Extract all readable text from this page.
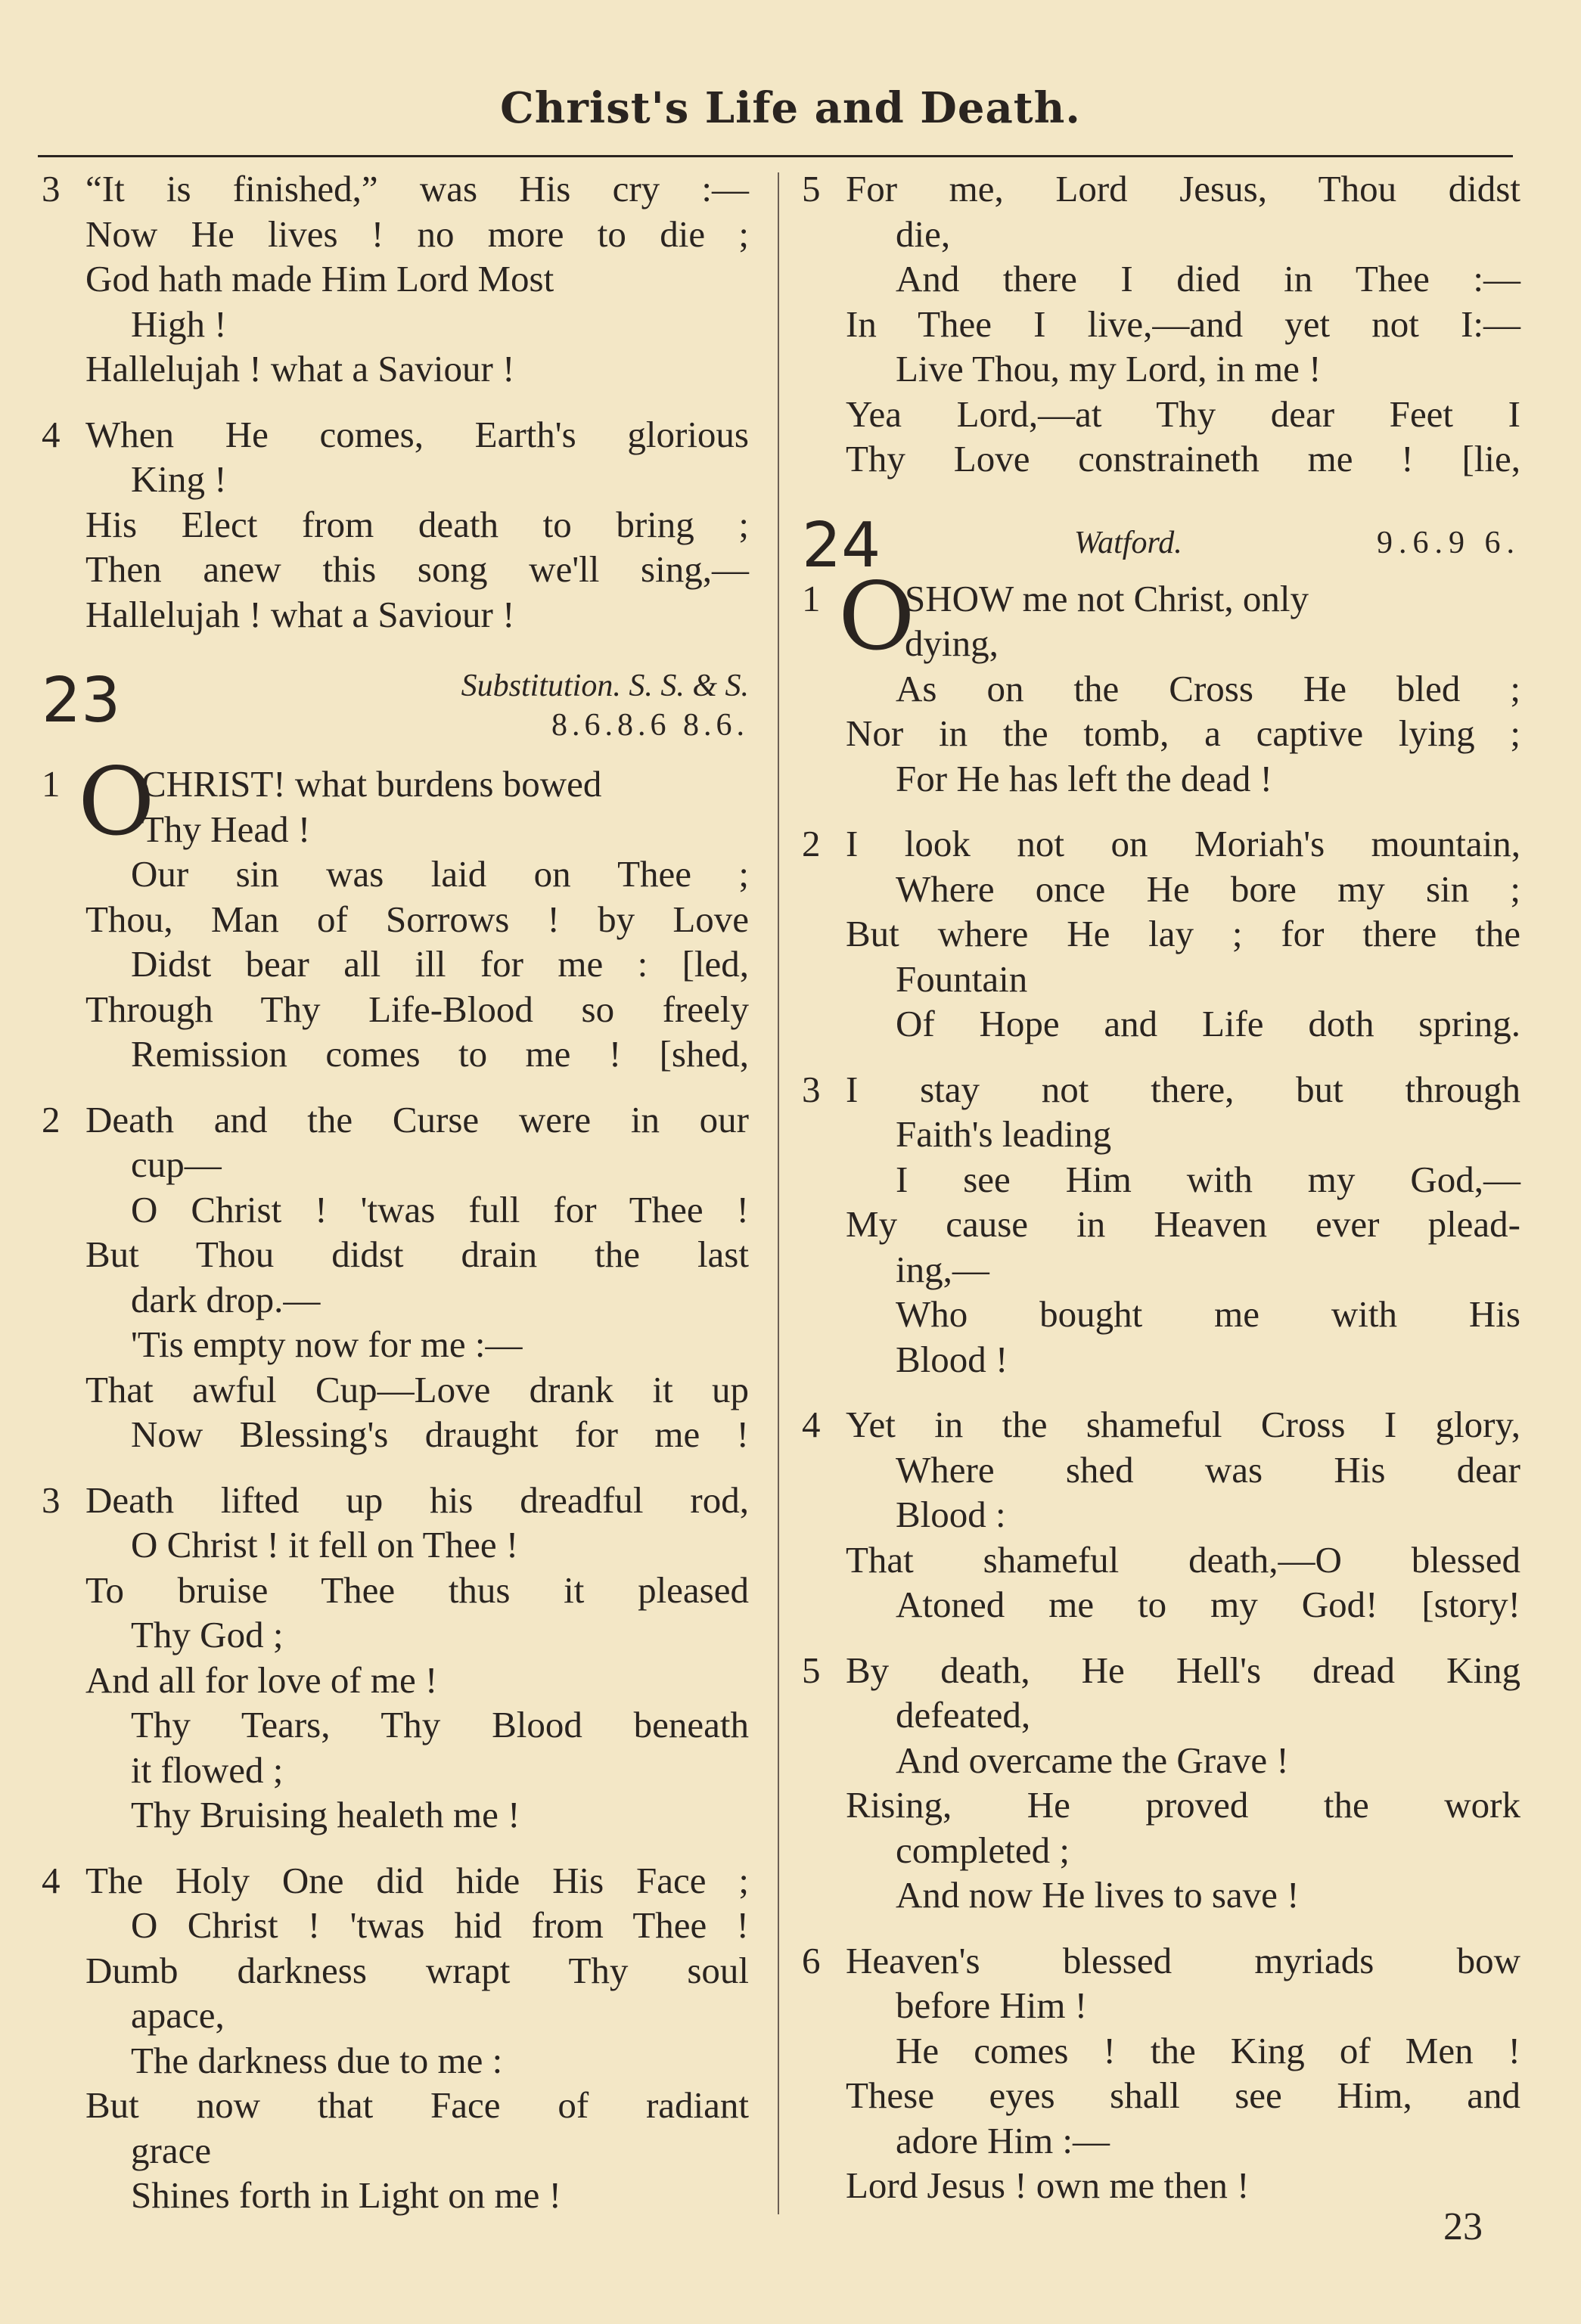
Christ's Life and Death.
3 “It is finished,” was His cry :—
Now He lives ! no more to die ;
God hath made Him Lord Most
High !
Hallelujah ! what a Saviour !
4 When He comes, Earth's glorious
King !
His Elect from death to bring ;
Then anew this song we'll sing,—
Hallelujah ! what a Saviour !
23	Substitution. S. S. & S.
8.6.8.6 8.6.
O
1 CHRIST! what burdens bowed
Thy Head !
Our sin was laid on Thee ;
Thou, Man of Sorrows ! by Love
Didst bear all ill for me : [led,
Through Thy Life-Blood so freely
Remission comes to me ! [shed,
2 Death and the Curse were in our
cup—
O Christ ! 'twas full for Thee !
But Thou didst drain the last
dark drop.—
'Tis empty now for me :—
That awful Cup—Love drank it up
Now Blessing's draught for me !
3 Death lifted up his dreadful rod,
O Christ ! it fell on Thee !
To bruise Thee thus it pleased
Thy God ;
And all for love of me !
Thy Tears, Thy Blood beneath
it flowed ;
Thy Bruising healeth me !
4 The Holy One did hide His Face ;
O Christ ! 'twas hid from Thee !
Dumb darkness wrapt Thy soul
apace,
The darkness due to me :
But now that Face of radiant
grace
Shines forth in Light on me !
5 For me, Lord Jesus, Thou didst
die,
And there I died in Thee :—
In Thee I live,—and yet not I:—
Live Thou, my Lord, in me !
Yea Lord,—at Thy dear Feet I
Thy Love constraineth me ! [lie,
24	Watford.	9.6.9 6.
O
1 SHOW me not Christ, only
dying,
As on the Cross He bled ;
Nor in the tomb, a captive lying ;
For He has left the dead !
2 I look not on Moriah's mountain,
Where once He bore my sin ;
But where He lay ; for there the
Fountain
Of Hope and Life doth spring.
3 I stay not there, but through
Faith's leading
I see Him with my God,—
My cause in Heaven ever plead-
ing,—
Who bought me with His
Blood !
4 Yet in the shameful Cross I glory,
Where shed was His dear
Blood :
That shameful death,—O blessed
Atoned me to my God! [story!
5 By death, He Hell's dread King
defeated,
And overcame the Grave !
Rising, He proved the work
completed ;
And now He lives to save !
6 Heaven's blessed myriads bow
before Him !
He comes ! the King of Men !
These eyes shall see Him, and
adore Him :—
Lord Jesus ! own me then !
23
